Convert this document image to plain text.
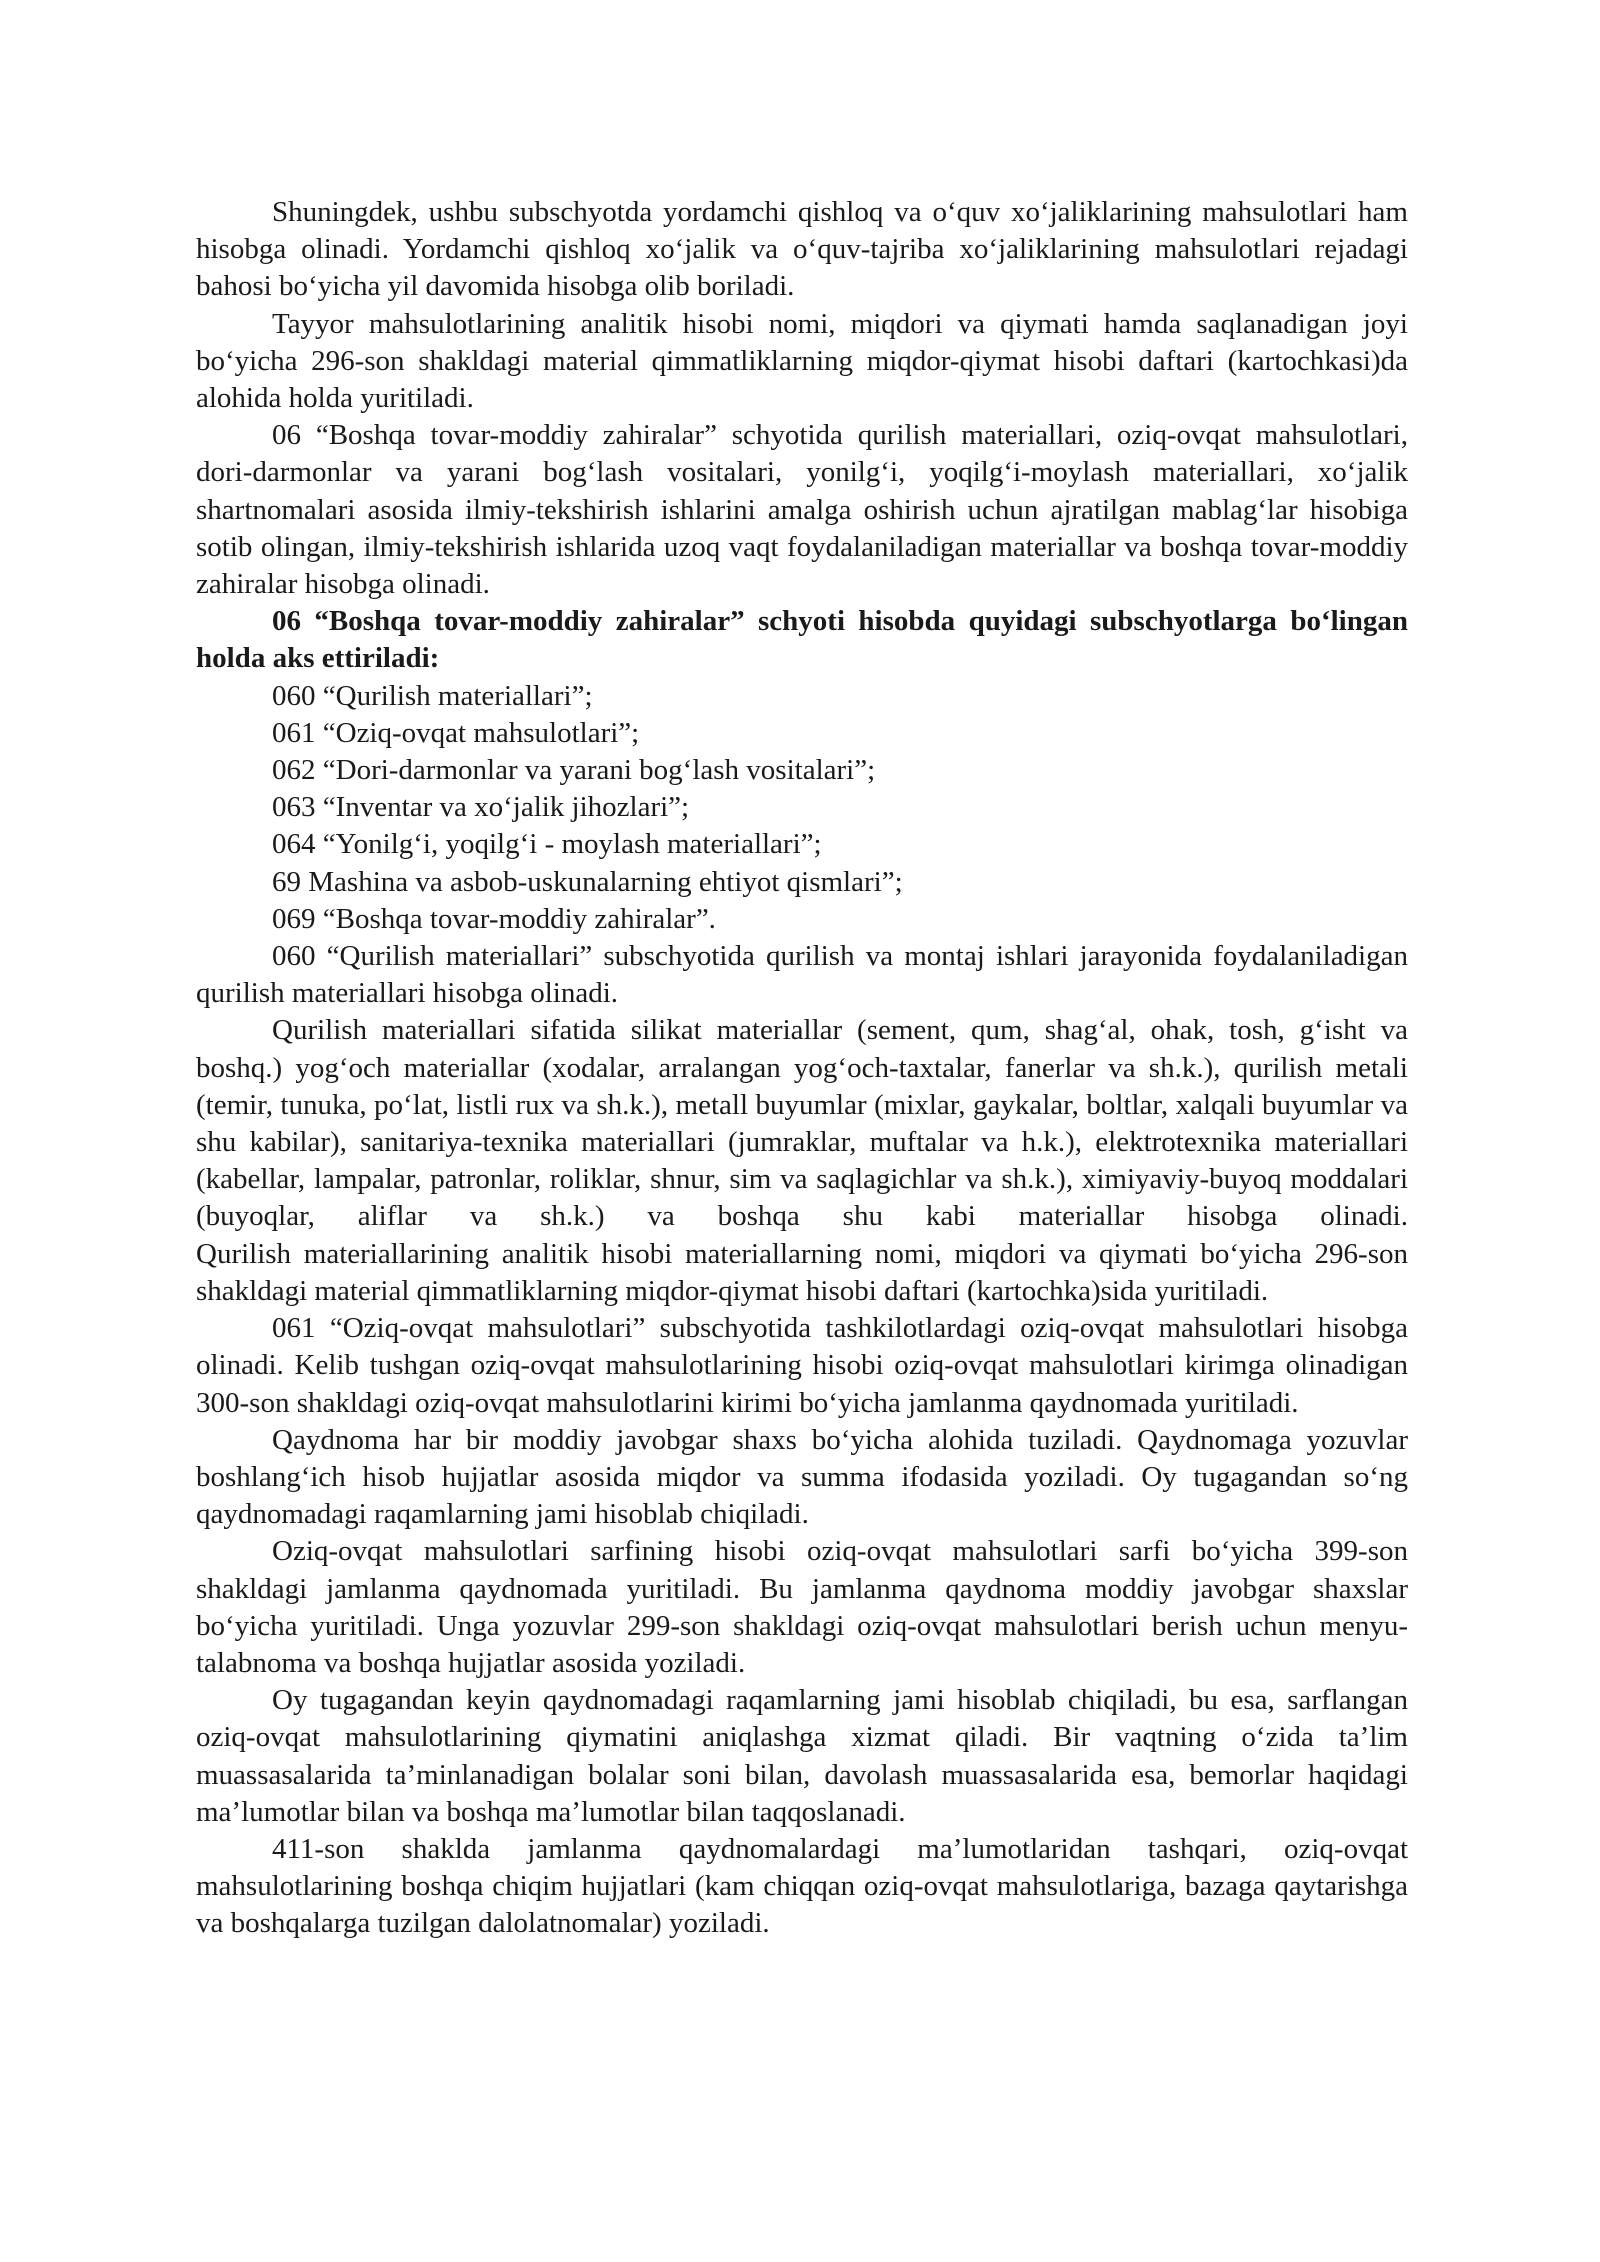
Shuningdek, ushbu subschyotda yordamchi qishloq va o‘quv xo‘jaliklarining mahsulotlari ham hisobga olinadi. Yordamchi qishloq xo‘jalik va o‘quv-tajriba xo‘jaliklarining mahsulotlari rejadagi bahosi bo‘yicha yil davomida hisobga olib boriladi.

Tayyor mahsulotlarining analitik hisobi nomi, miqdori va qiymati hamda saqlanadigan joyi bo‘yicha 296-son shakldagi material qimmatliklarning miqdor-qiymat hisobi daftari (kartochkasi)da alohida holda yuritiladi.

06 “Boshqa tovar-moddiy zahiralar” schyotida qurilish materiallari, oziq-ovqat mahsulotlari, dori-darmonlar va yarani bog‘lash vositalari, yonilg‘i, yoqilg‘i-moylash materiallari, xo‘jalik shartnomalari asosida ilmiy-tekshirish ishlarini amalga oshirish uchun ajratilgan mablag‘lar hisobiga sotib olingan, ilmiy-tekshirish ishlarida uzoq vaqt foydalaniladigan materiallar va boshqa tovar-moddiy zahiralar hisobga olinadi.

06 “Boshqa tovar-moddiy zahiralar” schyoti hisobda quyidagi subschyotlarga bo‘lingan holda aks ettiriladi:

060 “Qurilish materiallari”;

061 “Oziq-ovqat mahsulotlari”;

062 “Dori-darmonlar va yarani bog‘lash vositalari”;

063 “Inventar va xo‘jalik jihozlari”;

064 “Yonilg‘i, yoqilg‘i - moylash materiallari”;

69 Mashina va asbob-uskunalarning ehtiyot qismlari”;

069 “Boshqa tovar-moddiy zahiralar”.

060 “Qurilish materiallari” subschyotida qurilish va montaj ishlari jarayonida foydalaniladigan qurilish materiallari hisobga olinadi.

Qurilish materiallari sifatida silikat materiallar (sement, qum, shag‘al, ohak, tosh, g‘isht va boshq.) yog‘och materiallar (xodalar, arralangan yog‘och-taxtalar, fanerlar va sh.k.), qurilish metali (temir, tunuka, po‘lat, listli rux va sh.k.), metall buyumlar (mixlar, gaykalar, boltlar, xalqali buyumlar va shu kabilar), sanitariya-texnika materiallari (jumraklar, muftalar va h.k.), elektrotexnika materiallari (kabellar, lampalar, patronlar, roliklar, shnur, sim va saqlagichlar va sh.k.), ximiyaviy-buyoq moddalari (buyoqlar, aliflar va sh.k.) va boshqa shu kabi materiallar hisobga olinadi.

Qurilish materiallarining analitik hisobi materiallarning nomi, miqdori va qiymati bo‘yicha 296-son shakldagi material qimmatliklarning miqdor-qiymat hisobi daftari (kartochka)sida yuritiladi.

061 “Oziq-ovqat mahsulotlari” subschyotida tashkilotlardagi oziq-ovqat mahsulotlari hisobga olinadi. Kelib tushgan oziq-ovqat mahsulotlarining hisobi oziq-ovqat mahsulotlari kirimga olinadigan 300-son shakldagi oziq-ovqat mahsulotlarini kirimi bo‘yicha jamlanma qaydnomada yuritiladi.

Qaydnoma har bir moddiy javobgar shaxs bo‘yicha alohida tuziladi. Qaydnomaga yozuvlar boshlang‘ich hisob hujjatlar asosida miqdor va summa ifodasida yoziladi. Oy tugagandan so‘ng qaydnomadagi raqamlarning jami hisoblab chiqiladi.

Oziq-ovqat mahsulotlari sarfining hisobi oziq-ovqat mahsulotlari sarfi bo‘yicha 399-son shakldagi jamlanma qaydnomada yuritiladi. Bu jamlanma qaydnoma moddiy javobgar shaxslar bo‘yicha yuritiladi. Unga yozuvlar 299-son shakldagi oziq-ovqat mahsulotlari berish uchun menyu-talabnoma va boshqa hujjatlar asosida yoziladi.

Oy tugagandan keyin qaydnomadagi raqamlarning jami hisoblab chiqiladi, bu esa, sarflangan oziq-ovqat mahsulotlarining qiymatini aniqlashga xizmat qiladi. Bir vaqtning o‘zida ta’lim muassasalarida ta’minlanadigan bolalar soni bilan, davolash muassasalarida esa, bemorlar haqidagi ma’lumotlar bilan va boshqa ma’lumotlar bilan taqqoslanadi.

411-son shaklda jamlanma qaydnomalardagi ma’lumotlaridan tashqari, oziq-ovqat mahsulotlarining boshqa chiqim hujjatlari (kam chiqqan oziq-ovqat mahsulotlariga, bazaga qaytarishga va boshqalarga tuzilgan dalolatnomalar) yoziladi.
